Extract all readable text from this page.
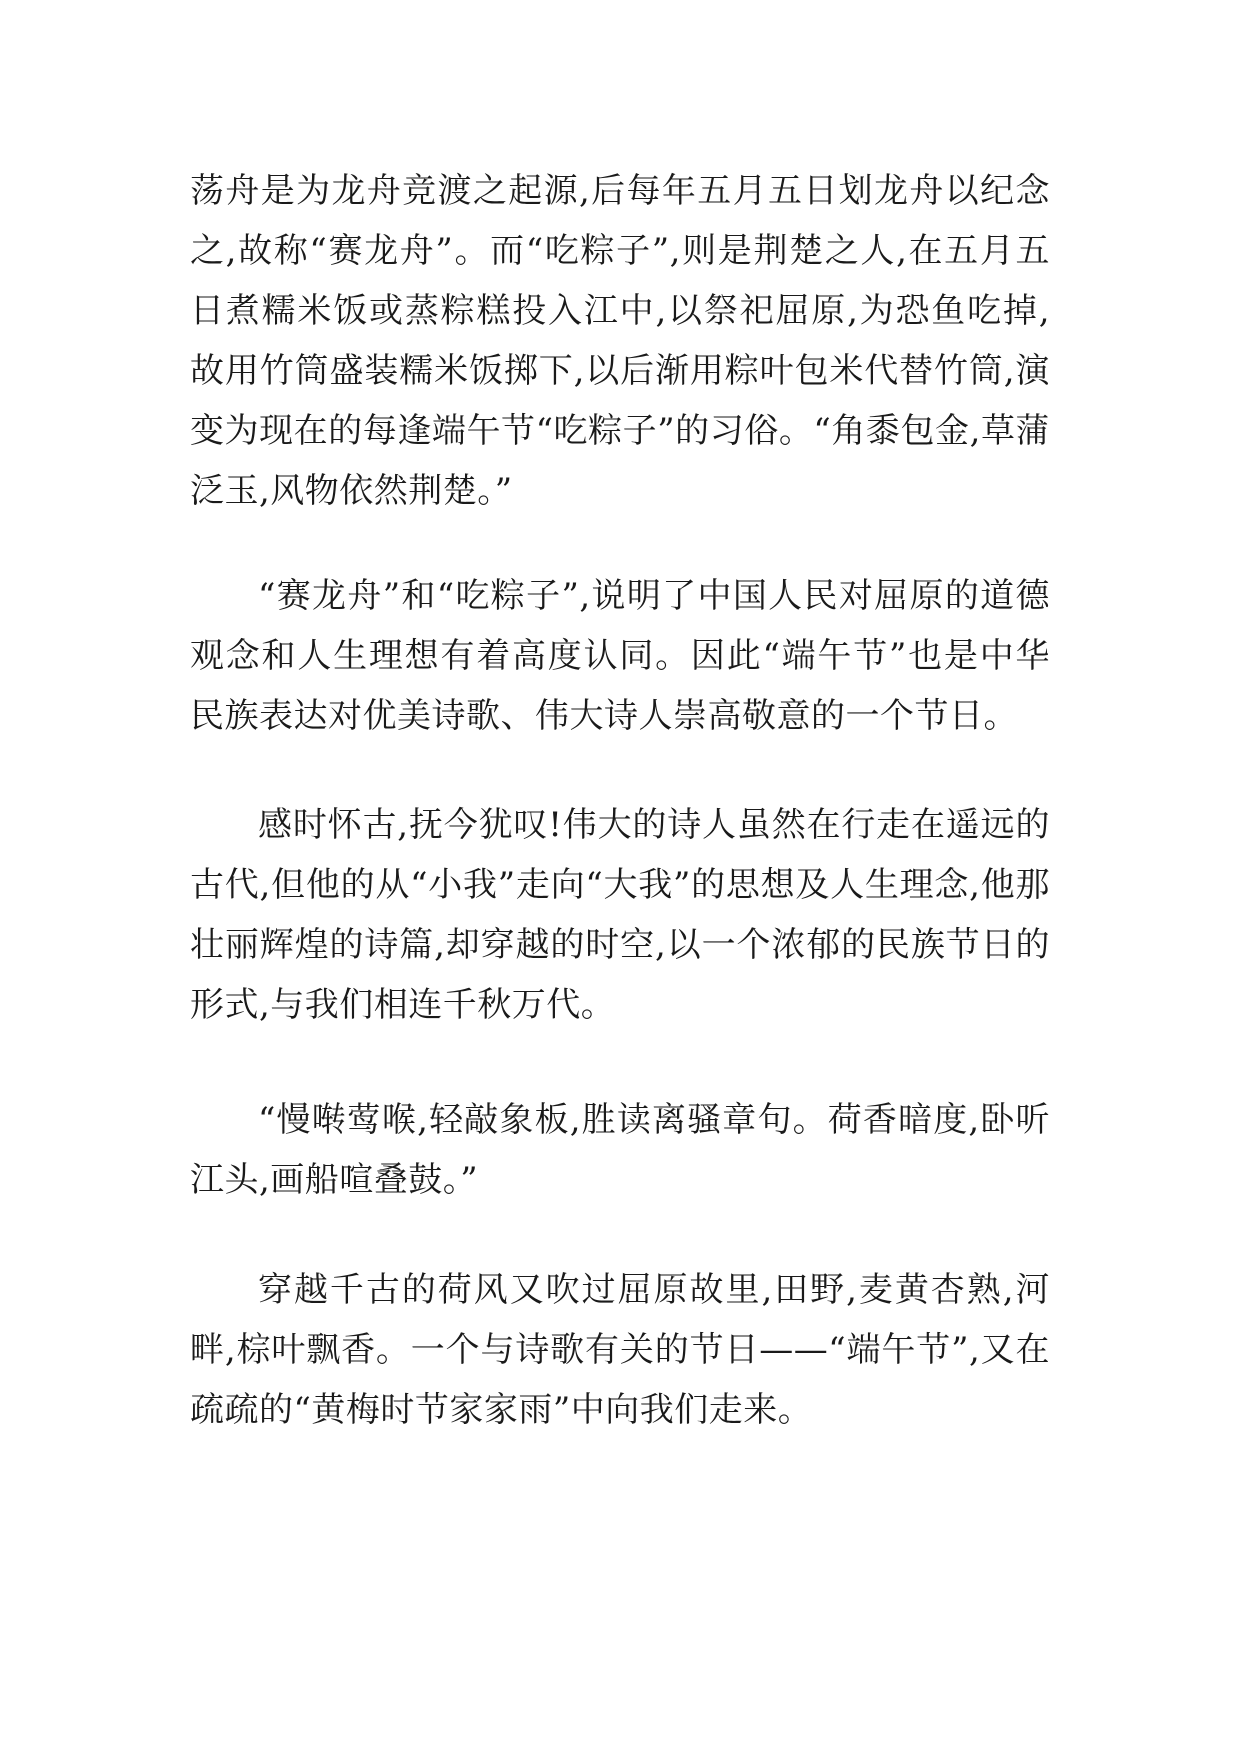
荡舟是为龙舟竞渡之起源,后每年五月五日划龙舟以纪念之,故称“赛龙舟”。而“吃粽子”,则是荆楚之人,在五月五日煮糯米饭或蒸粽糕投入江中,以祭祀屈原,为恐鱼吃掉,故用竹筒盛装糯米饭掷下,以后渐用粽叶包米代替竹筒,演变为现在的每逢端午节“吃粽子”的习俗。“角黍包金,草蒲泛玉,风物依然荆楚。”

“赛龙舟”和“吃粽子”,说明了中国人民对屈原的道德观念和人生理想有着高度认同。因此“端午节”也是中华民族表达对优美诗歌、伟大诗人崇高敬意的一个节日。

感时怀古,抚今犹叹!伟大的诗人虽然在行走在遥远的古代,但他的从“小我”走向“大我”的思想及人生理念,他那壮丽辉煌的诗篇,却穿越的时空,以一个浓郁的民族节日的形式,与我们相连千秋万代。

“慢啭莺喉,轻敲象板,胜读离骚章句。荷香暗度,卧听江头,画船喧叠鼓。”

穿越千古的荷风又吹过屈原故里,田野,麦黄杏熟,河畔,棕叶飘香。一个与诗歌有关的节日——“端午节”,又在疏疏的“黄梅时节家家雨”中向我们走来。
